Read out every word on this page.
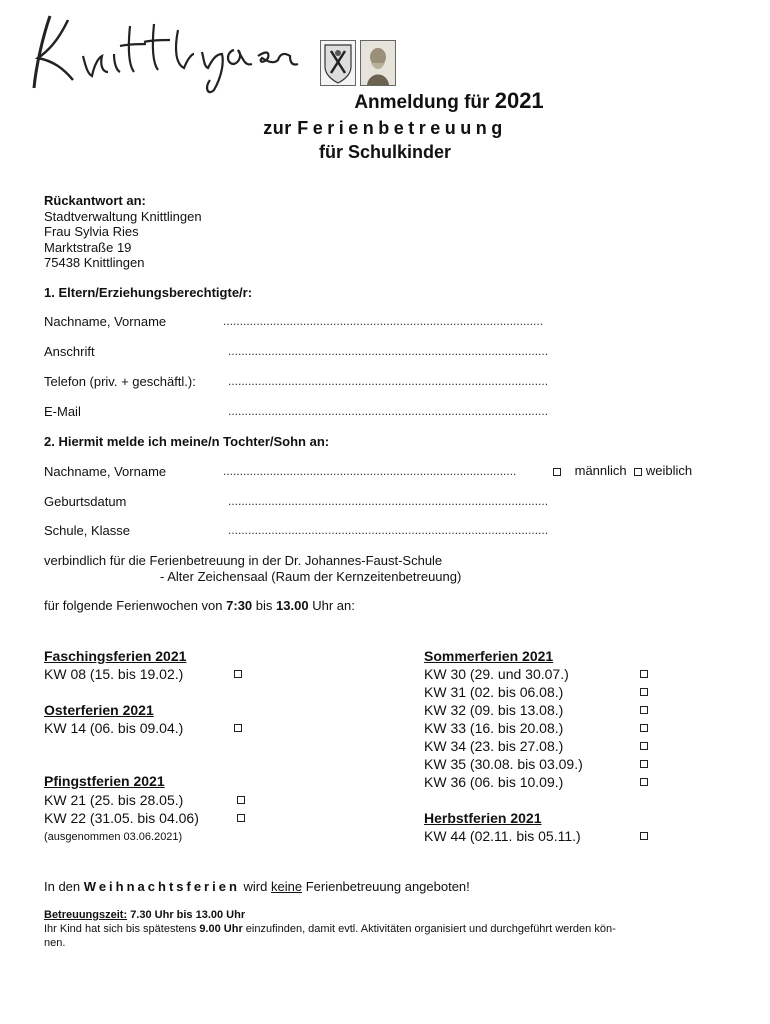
Anmeldung für 2021
zur Ferienbetreuung
für Schulkinder
Rückantwort an:
Stadtverwaltung Knittlingen
Frau Sylvia Ries
Marktstraße 19
75438 Knittlingen
1. Eltern/Erziehungsberechtigte/r:
Nachname, Vorname	................................................................................................
Anschrift	................................................................................................
Telefon (priv. + geschäftl.):	................................................................................................
E-Mail	................................................................................................
2. Hiermit melde ich meine/n Tochter/Sohn an:
Nachname, Vorname	........................................................................................	männlich weiblich
Geburtsdatum	................................................................................................
Schule, Klasse	................................................................................................
verbindlich für die Ferienbetreuung in der Dr. Johannes-Faust-Schule
- Alter Zeichensaal (Raum der Kernzeitenbetreuung)
für folgende Ferienwochen von 7:30 bis 13.00 Uhr an:
Faschingsferien 2021
KW 08 (15. bis 19.02.)
Osterferien 2021
KW 14 (06. bis 09.04.)
Pfingstferien 2021
KW 21 (25. bis 28.05.)
KW 22 (31.05. bis 04.06)
(ausgenommen 03.06.2021)
Sommerferien 2021
KW 30 (29. und 30.07.)
KW 31 (02. bis 06.08.)
KW 32 (09. bis 13.08.)
KW 33 (16. bis 20.08.)
KW 34 (23. bis 27.08.)
KW 35 (30.08. bis 03.09.)
KW 36 (06. bis 10.09.)
Herbstferien 2021
KW 44 (02.11. bis 05.11.)
In den Weihnachtsferien wird keine Ferienbetreuung angeboten!
Betreuungszeit: 7.30 Uhr bis 13.00 Uhr
Ihr Kind hat sich bis spätestens 9.00 Uhr einzufinden, damit evtl. Aktivitäten organisiert und durchgeführt werden kön-
nen.
